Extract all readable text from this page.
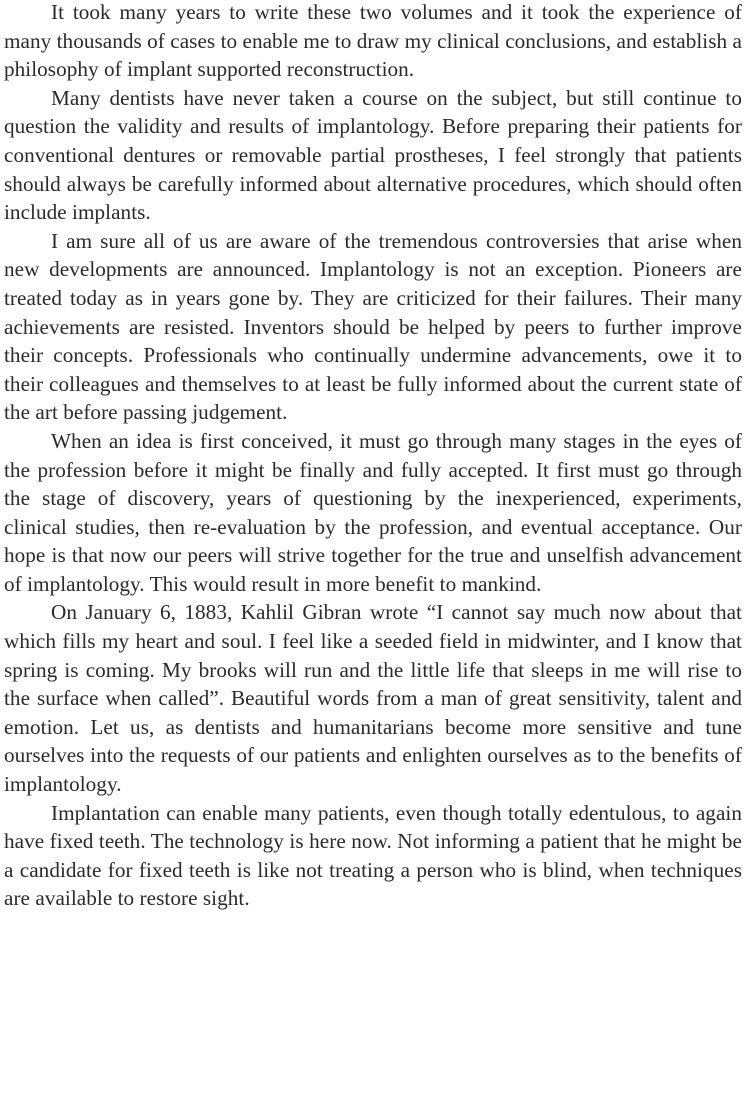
It took many years to write these two volumes and it took the experience of many thousands of cases to enable me to draw my clinical conclusions, and establish a philosophy of implant supported reconstruction.

Many dentists have never taken a course on the subject, but still continue to question the validity and results of implantology. Before preparing their patients for conventional dentures or removable partial prostheses, I feel strongly that patients should always be carefully informed about alternative procedures, which should often include implants.

I am sure all of us are aware of the tremendous controversies that arise when new developments are announced. Implantology is not an exception. Pioneers are treated today as in years gone by. They are criticized for their failures. Their many achievements are resisted. Inventors should be helped by peers to further improve their concepts. Professionals who continually undermine advancements, owe it to their colleagues and themselves to at least be fully informed about the current state of the art before passing judgement.

When an idea is first conceived, it must go through many stages in the eyes of the profession before it might be finally and fully accepted. It first must go through the stage of discovery, years of questioning by the inexperienced, experiments, clinical studies, then re-evaluation by the profession, and eventual acceptance. Our hope is that now our peers will strive together for the true and unselfish advancement of implantology. This would result in more benefit to mankind.

On January 6, 1883, Kahlil Gibran wrote “I cannot say much now about that which fills my heart and soul. I feel like a seeded field in midwinter, and I know that spring is coming. My brooks will run and the little life that sleeps in me will rise to the surface when called”. Beautiful words from a man of great sensitivity, talent and emotion. Let us, as dentists and humanitarians become more sensitive and tune ourselves into the requests of our patients and enlighten ourselves as to the benefits of implantology.

Implantation can enable many patients, even though totally edentulous, to again have fixed teeth. The technology is here now. Not informing a patient that he might be a candidate for fixed teeth is like not treating a person who is blind, when techniques are available to restore sight.
